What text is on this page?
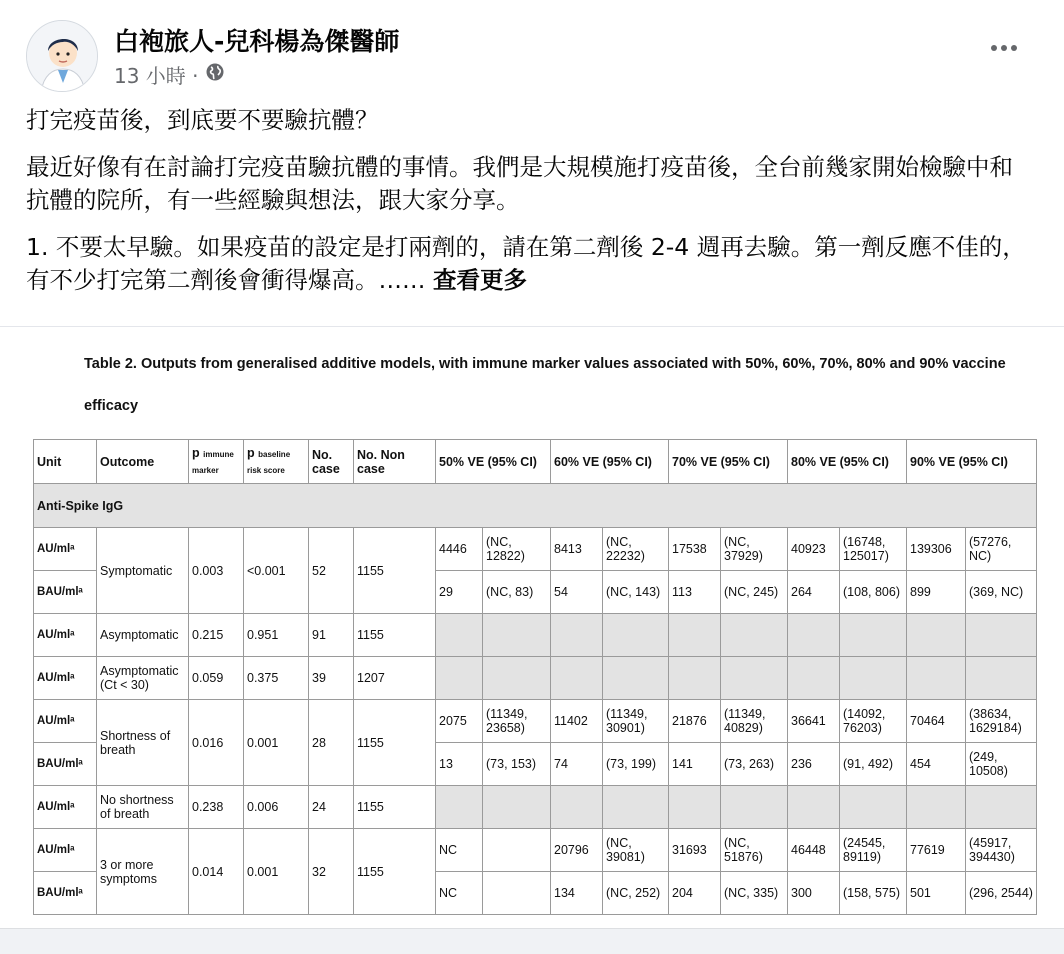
白袍旅人-兒科楊為傑醫師
13 小時 ·

打完疫苗後，到底要不要驗抗體？

最近好像有在討論打完疫苗驗抗體的事情。我們是大規模施打疫苗後，全台前幾家開始檢驗中和抗體的院所，有一些經驗與想法，跟大家分享。

1. 不要太早驗。如果疫苗的設定是打兩劑的，請在第二劑後 2-4 週再去驗。第一劑反應不佳的，有不少打完第二劑後會衝得爆高。…… 查看更多

Table 2. Outputs from generalised additive models, with immune marker values associated with 50%, 60%, 70%, 80% and 90% vaccine efficacy
Unit	Outcome	p immune marker	p baseline risk score	No. case	No. Non case	50% VE (95% CI)		60% VE (95% CI)		70% VE (95% CI)		80% VE (95% CI)		90% VE (95% CI)	
Anti-Spike IgG															
AU/mlᵃ	Symptomatic	0.003	<0.001	52	1155	4446	(NC, 12822)	8413	(NC, 22232)	17538	(NC, 37929)	40923	(16748, 125017)	139306	(57276, NC)
BAU/mlᵃ						29	(NC, 83)	54	(NC, 143)	113	(NC, 245)	264	(108, 806)	899	(369, NC)
AU/mlᵃ	Asymptomatic	0.215	0.951	91	1155										
AU/mlᵃ	Asymptomatic (Ct < 30)	0.059	0.375	39	1207										
AU/mlᵃ	Shortness of breath	0.016	0.001	28	1155	2075	(11349, 23658)	11402	(11349, 30901)	21876	(11349, 40829)	36641	(14092, 76203)	70464	(38634, 1629184)
BAU/mlᵃ						13	(73, 153)	74	(73, 199)	141	(73, 263)	236	(91, 492)	454	(249, 10508)
AU/mlᵃ	No shortness of breath	0.238	0.006	24	1155										
AU/mlᵃ	3 or more symptoms	0.014	0.001	32	1155	NC		20796	(NC, 39081)	31693	(NC, 51876)	46448	(24545, 89119)	77619	(45917, 394430)
BAU/mlᵃ						NC		134	(NC, 252)	204	(NC, 335)	300	(158, 575)	501	(296, 2544)
